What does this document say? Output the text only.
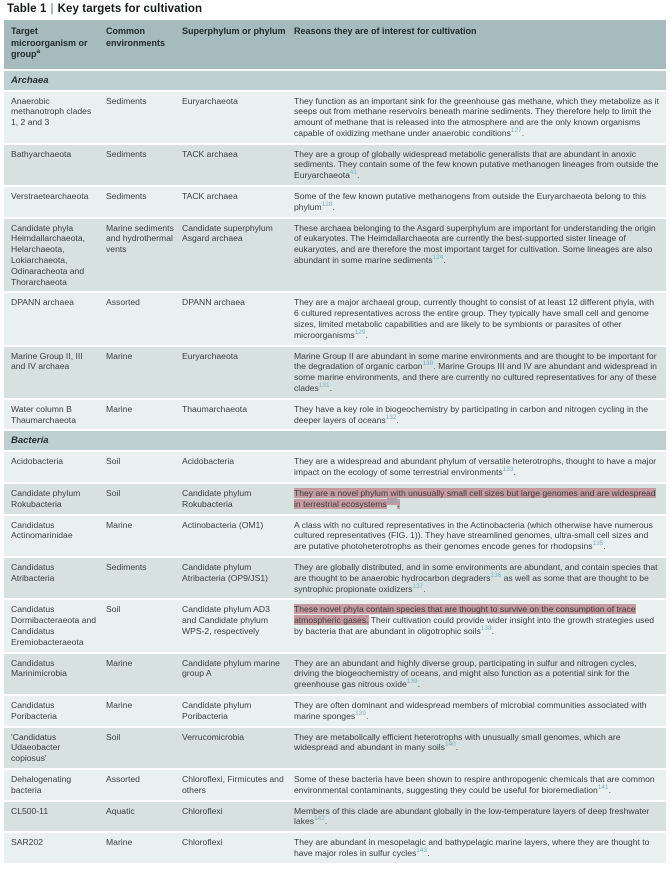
Table 1 | Key targets for cultivation
Target microorganism or group$^a$	Common environments	Superphylum or phylum	Reasons they are of interest for cultivation
Archaea			
Anaerobic methanotroph clades 1, 2 and 3	Sediments	Euryarchaeota	They function as an important sink for the greenhouse gas methane, which they metabolize as it seeps out from methane reservoirs beneath marine sediments. They therefore help to limit the amount of methane that is released into the atmosphere and are the only known organisms capable of oxidizing methane under anaerobic conditions$^{127}$.
Bathyarchaeota	Sediments	TACK archaea	They are a group of globally widespread metabolic generalists that are abundant in anoxic sediments. They contain some of the few known putative methanogen lineages from outside the Euryarchaeota$^{41}$.
Verstraetearchaeota	Sediments	TACK archaea	Some of the few known putative methanogens from outside the Euryarchaeota belong to this phylum$^{128}$.
Candidate phyla Heimdallarchaeota, Helarchaeota, Lokiarchaeota, Odinaracheota and Thorarchaeota	Marine sediments and hydrothermal vents	Candidate superphylum Asgard archaea	These archaea belonging to the Asgard superphylum are important for understanding the origin of eukaryotes. The Heimdallarchaeota are currently the best-supported sister lineage of eukaryotes, and are therefore the most important target for cultivation. Some lineages are also abundant in some marine sediments$^{124}$.
DPANN archaea	Assorted	DPANN archaea	They are a major archaeal group, currently thought to consist of at least 12 different phyla, with 6 cultured representatives across the entire group. They typically have small cell and genome sizes, limited metabolic capabilities and are likely to be symbionts or parasites of other microorganisms$^{129}$.
Marine Group II, III and IV archaea	Marine	Euryarchaeota	Marine Group II are abundant in some marine environments and are thought to be important for the degradation of organic carbon$^{130}$. Marine Groups III and IV are abundant and widespread in some marine environments, and there are currently no cultured representatives for any of these clades$^{131}$.
Water column B Thaumarchaeota	Marine	Thaumarchaeota	They have a key role in biogeochemistry by participating in carbon and nitrogen cycling in the deeper layers of oceans$^{132}$.
Bacteria			
Acidobacteria	Soil	Acidobacteria	They are a widespread and abundant phylum of versatile heterotrophs, thought to have a major impact on the ecology of some terrestrial environments$^{133}$.
Candidate phylum Rokubacteria	Soil	Candidate phylum Rokubacteria	They are a novel phylum with unusually small cell sizes but large genomes and are widespread in terrestrial ecosystems$^{134}$.
Candidatus Actinomarinidae	Marine	Actinobacteria (OM1)	A class with no cultured representatives in the Actinobacteria (which otherwise have numerous cultured representatives (FIG. 1)). They have streamlined genomes, ultra-small cell sizes and are putative photoheterotrophs as their genomes encode genes for rhodopsins$^{135}$.
Candidatus Atribacteria	Sediments	Candidate phylum Atribacteria (OP9/JS1)	They are globally distributed, and in some environments are abundant, and contain species that are thought to be anaerobic hydrocarbon degraders$^{136}$ as well as some that are thought to be syntrophic propionate oxidizers$^{137}$.
Candidatus Dormibacteraeota and Candidatus Eremiobacteraeota	Soil	Candidate phylum AD3 and Candidate phylum WPS-2, respectively	These novel phyla contain species that are thought to survive on the consumption of trace atmospheric gases. Their cultivation could provide wider insight into the growth strategies used by bacteria that are abundant in oligotrophic soils$^{138}$.
Candidatus Marinimicrobia	Marine	Candidate phylum marine group A	They are an abundant and highly diverse group, participating in sulfur and nitrogen cycles, driving the biogeochemistry of oceans, and might also function as a potential sink for the greenhouse gas nitrous oxide$^{139}$.
Candidatus Poribacteria	Marine	Candidate phylum Poribacteria	They are often dominant and widespread members of microbial communities associated with marine sponges$^{139}$.
'Candidatus Udaeobacter copiosus'	Soil	Verrucomicrobia	They are metabolically efficient heterotrophs with unusually small genomes, which are widespread and abundant in many soils$^{140}$.
Dehalogenating bacteria	Assorted	Chloroflexi, Firmicutes and others	Some of these bacteria have been shown to respire anthropogenic chemicals that are common environmental contaminants, suggesting they could be useful for bioremediation$^{141}$.
CL500-11	Aquatic	Chloroflexi	Members of this clade are abundant globally in the low-temperature layers of deep freshwater lakes$^{142}$.
SAR202	Marine	Chloroflexi	They are abundant in mesopelagic and bathypelagic marine layers, where they are thought to have major roles in sulfur cycles$^{143}$.
